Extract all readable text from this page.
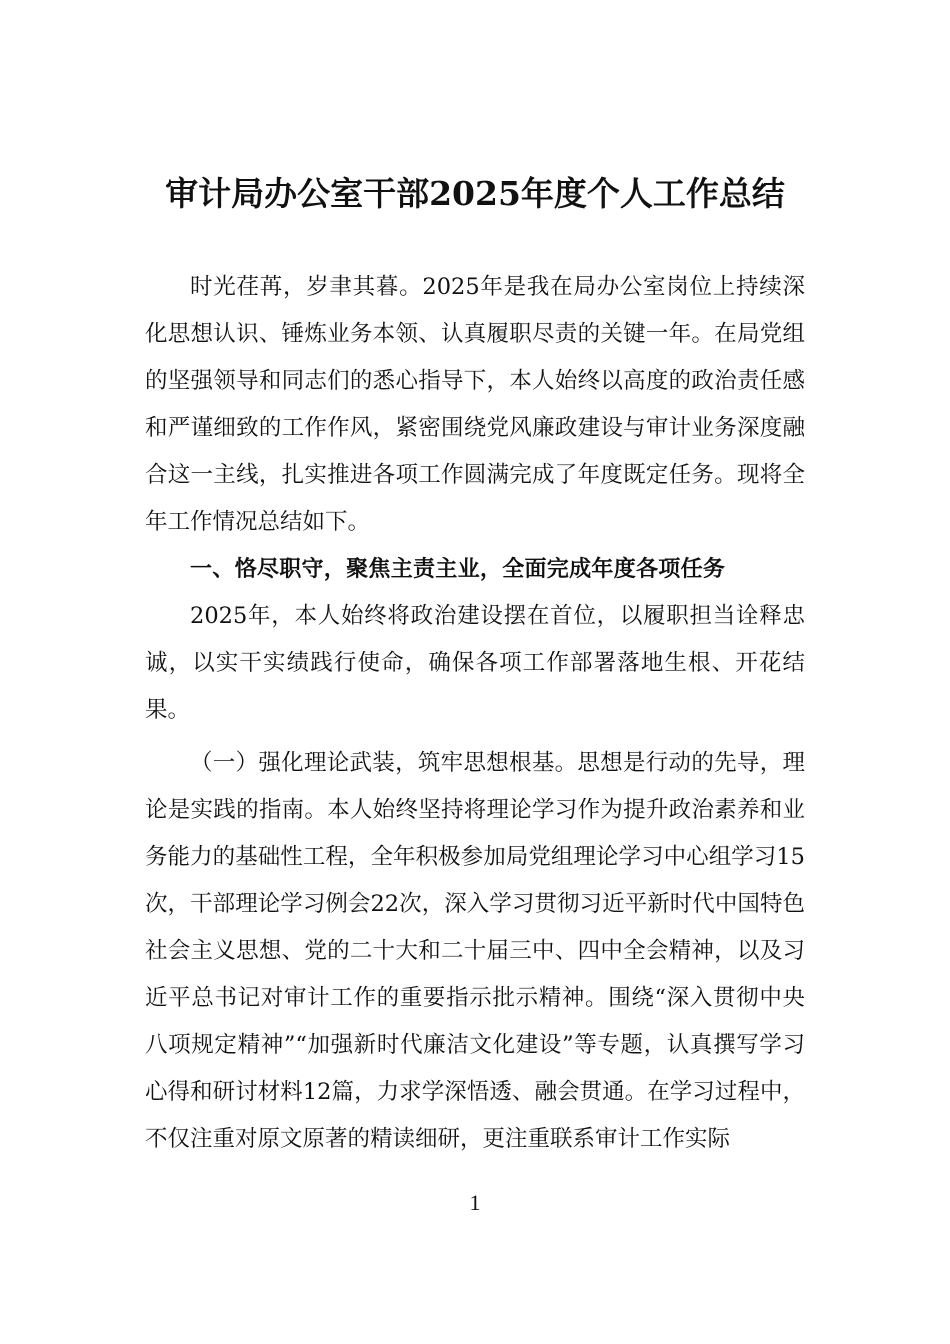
审计局办公室干部2025年度个人工作总结

时光荏苒，岁聿其暮。2025年是我在局办公室岗位上持续深化思想认识、锤炼业务本领、认真履职尽责的关键一年。在局党组的坚强领导和同志们的悉心指导下，本人始终以高度的政治责任感和严谨细致的工作作风，紧密围绕党风廉政建设与审计业务深度融合这一主线，扎实推进各项工作圆满完成了年度既定任务。现将全年工作情况总结如下。

一、恪尽职守，聚焦主责主业，全面完成年度各项任务

2025年，本人始终将政治建设摆在首位，以履职担当诠释忠诚，以实干实绩践行使命，确保各项工作部署落地生根、开花结果。

（一）强化理论武装，筑牢思想根基。思想是行动的先导，理论是实践的指南。本人始终坚持将理论学习作为提升政治素养和业务能力的基础性工程，全年积极参加局党组理论学习中心组学习15次，干部理论学习例会22次，深入学习贯彻习近平新时代中国特色社会主义思想、党的二十大和二十届三中、四中全会精神，以及习近平总书记对审计工作的重要指示批示精神。围绕“深入贯彻中央八项规定精神”“加强新时代廉洁文化建设”等专题，认真撰写学习心得和研讨材料12篇，力求学深悟透、融会贯通。在学习过程中，不仅注重对原文原著的精读细研，更注重联系审计工作实际

1
